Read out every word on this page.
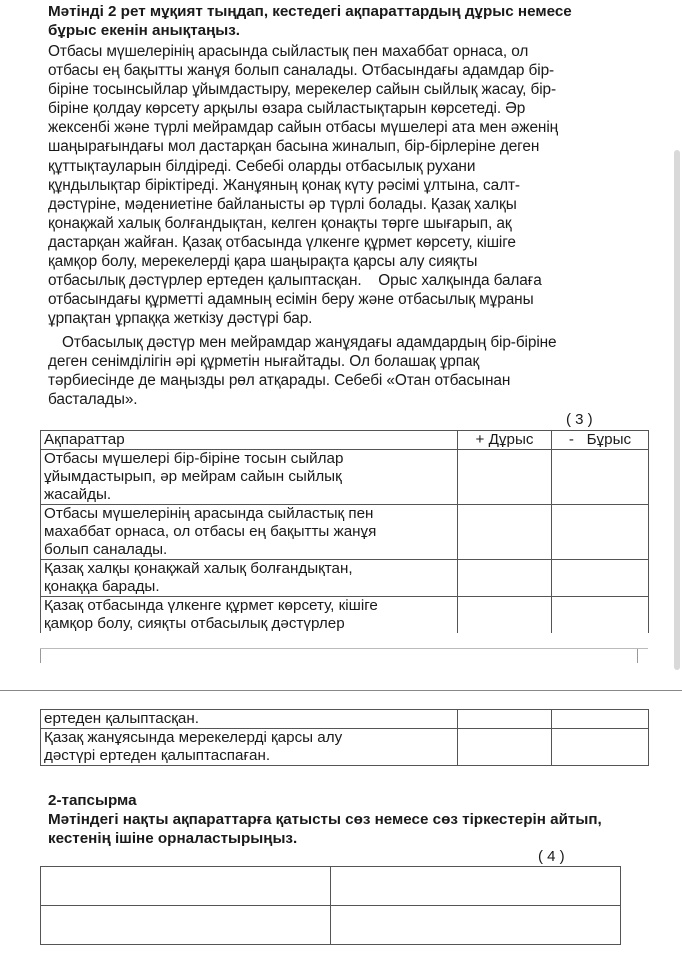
Мәтінді 2 рет мұқият тыңдап, кестедегі ақпараттардың дұрыс немесе
бұрыс екенін анықтаңыз.

Отбасы мүшелерінің арасында сыйластық пен махаббат орнаса, ол
отбасы ең бақытты жанұя болып саналады. Отбасындағы адамдар бір-
біріне тосынсыйлар ұйымдастыру, мерекелер сайын сыйлық жасау, бір-
біріне қолдау көрсету арқылы өзара сыйластықтарын көрсетеді. Әр
жексенбі және түрлі мейрамдар сайын отбасы мүшелері ата мен әженің
шаңырағындағы мол дастарқан басына жиналып, бір-бірлеріне деген
құттықтауларын білдіреді. Себебі оларды отбасылық рухани
құндылықтар біріктіреді. Жанұяның қонақ күту рәсімі ұлтына, салт-
дәстүріне, мәдениетіне байланысты әр түрлі болады. Қазақ халқы
қонақжай халық болғандықтан, келген қонақты төрге шығарып, ақ
дастарқан жайған. Қазақ отбасында үлкенге құрмет көрсету, кішіге
қамқор болу, мерекелерді қара шаңырақта қарсы алу сияқты
отбасылық дәстүрлер ертеден қалыптасқан.    Орыс халқында балаға
отбасындағы құрметті адамның есімін беру және отбасылық мұраны
ұрпақтан ұрпаққа жеткізу дәстүрі бар.

Отбасылық дәстүр мен мейрамдар жанұядағы адамдардың бір-біріне
деген сенімділігін әрі құрметін нығайтады. Ол болашақ ұрпақ
тәрбиесінде де маңызды рөл атқарады. Себебі «Отан отбасынан
басталады».

( 3 )
Ақпараттар	+ Дұрыс	-   Бұрыс
Отбасы мүшелері бір-біріне тосын сыйлар
ұйымдастырып, әр мейрам сайын сыйлық
жасайды.		
Отбасы мүшелерінің арасында сыйластық пен
махаббат орнаса, ол отбасы ең бақытты жанұя
болып саналады.		
Қазақ халқы қонақжай халық болғандықтан,
қонаққа барады.		
Қазақ отбасында үлкенге құрмет көрсету, кішіге
қамқор болу, сияқты отбасылық дәстүрлер		
ертеден қалыптасқан.		
Қазақ жанұясында мерекелерді қарсы алу
дәстүрі ертеден қалыптаспаған.		
2-тапсырма
Мәтіндегі нақты ақпараттарға қатысты сөз немесе сөз тіркестерін айтып,
кестенің ішіне орналастырыңыз.
( 4 )
